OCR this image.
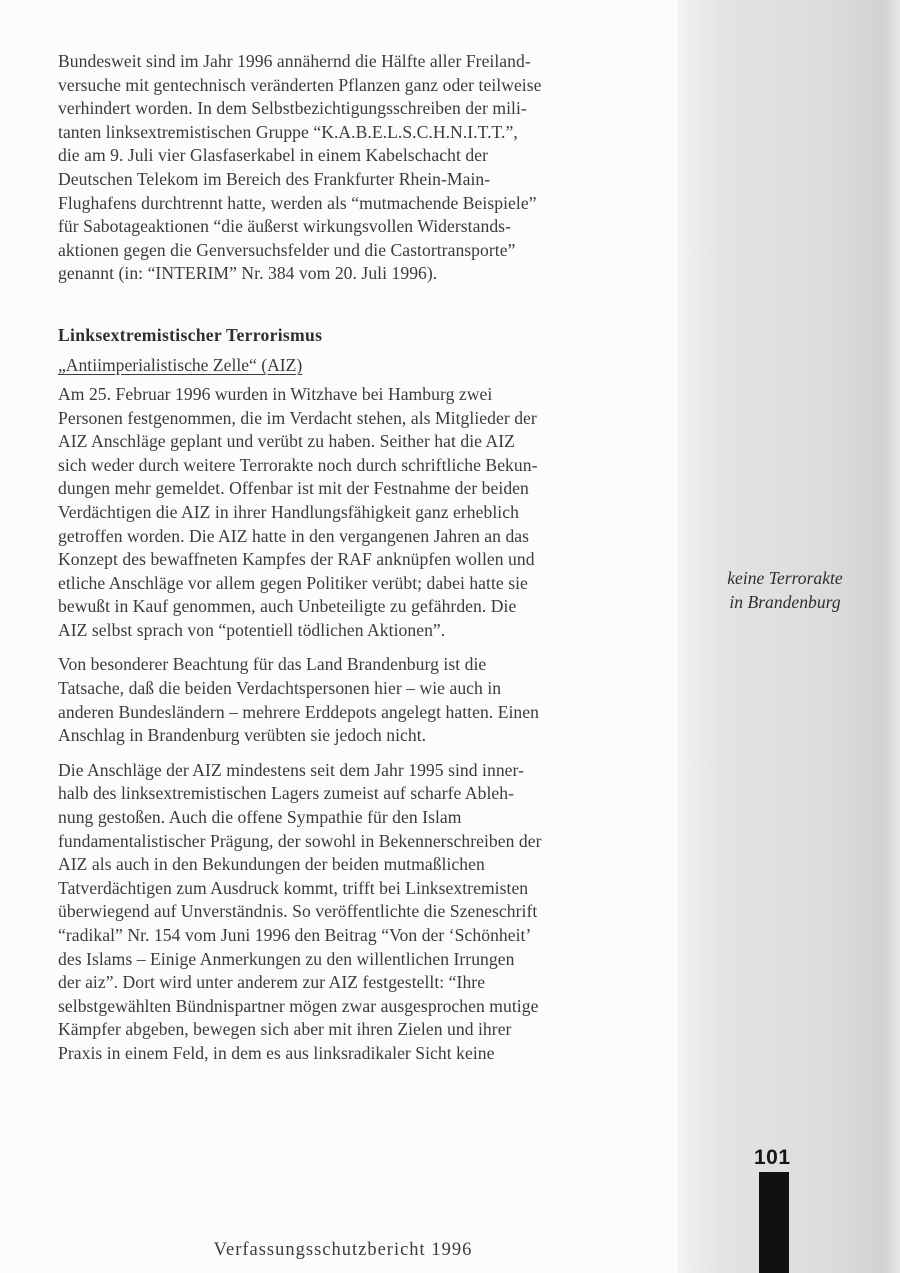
Bundesweit sind im Jahr 1996 annähernd die Hälfte aller Freiland-
versuche mit gentechnisch veränderten Pflanzen ganz oder teilweise
verhindert worden. In dem Selbstbezichtigungsschreiben der mili-
tanten linksextremistischen Gruppe “K.A.B.E.L.S.C.H.N.I.T.T.”,
die am 9. Juli vier Glasfaserkabel in einem Kabelschacht der
Deutschen Telekom im Bereich des Frankfurter Rhein-Main-
Flughafens durchtrennt hatte, werden als “mutmachende Beispiele”
für Sabotageaktionen “die äußerst wirkungsvollen Widerstands-
aktionen gegen die Genversuchsfelder und die Castortransporte”
genannt (in: “INTERIM” Nr. 384 vom 20. Juli 1996).

Linksextremistischer Terrorismus
„Antiimperialistische Zelle“ (AIZ)

Am 25. Februar 1996 wurden in Witzhave bei Hamburg zwei
Personen festgenommen, die im Verdacht stehen, als Mitglieder der
AIZ Anschläge geplant und verübt zu haben. Seither hat die AIZ
sich weder durch weitere Terrorakte noch durch schriftliche Bekun-
dungen mehr gemeldet. Offenbar ist mit der Festnahme der beiden
Verdächtigen die AIZ in ihrer Handlungsfähigkeit ganz erheblich
getroffen worden. Die AIZ hatte in den vergangenen Jahren an das
Konzept des bewaffneten Kampfes der RAF anknüpfen wollen und
etliche Anschläge vor allem gegen Politiker verübt; dabei hatte sie
bewußt in Kauf genommen, auch Unbeteiligte zu gefährden. Die
AIZ selbst sprach von “potentiell tödlichen Aktionen”.

Von besonderer Beachtung für das Land Brandenburg ist die
Tatsache, daß die beiden Verdachtspersonen hier – wie auch in
anderen Bundesländern – mehrere Erddepots angelegt hatten. Einen
Anschlag in Brandenburg verübten sie jedoch nicht.

Die Anschläge der AIZ mindestens seit dem Jahr 1995 sind inner-
halb des linksextremistischen Lagers zumeist auf scharfe Ableh-
nung gestoßen. Auch die offene Sympathie für den Islam
fundamentalistischer Prägung, der sowohl in Bekennerschreiben der
AIZ als auch in den Bekundungen der beiden mutmaßlichen
Tatverdächtigen zum Ausdruck kommt, trifft bei Linksextremisten
überwiegend auf Unverständnis. So veröffentlichte die Szeneschrift
“radikal” Nr. 154 vom Juni 1996 den Beitrag “Von der ‘Schönheit’
des Islams – Einige Anmerkungen zu den willentlichen Irrungen
der aiz”. Dort wird unter anderem zur AIZ festgestellt: “Ihre
selbstgewählten Bündnispartner mögen zwar ausgesprochen mutige
Kämpfer abgeben, bewegen sich aber mit ihren Zielen und ihrer
Praxis in einem Feld, in dem es aus linksradikaler Sicht keine

keine Terrorakte
in Brandenburg
101
Verfassungsschutzbericht 1996
